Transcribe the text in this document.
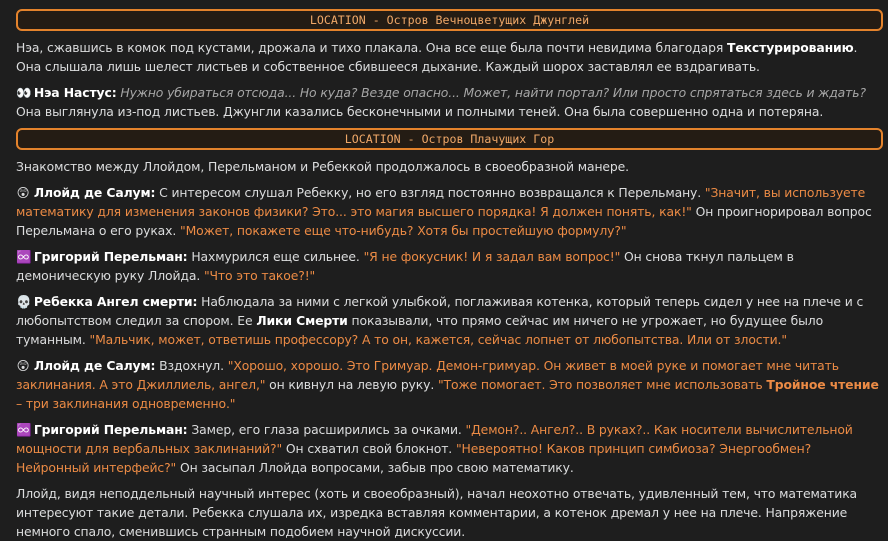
LOCATION - Остров Вечноцветущих Джунглей

Нэа, сжавшись в комок под кустами, дрожала и тихо плакала. Она все еще была почти невидима благодаря Текстурированию. Она слышала лишь шелест листьев и собственное сбившееся дыхание. Каждый шорох заставлял ее вздрагивать.

👀 Нэа Настус: Нужно убираться отсюда... Но куда? Везде опасно... Может, найти портал? Или просто спрятаться здесь и ждать? Она выглянула из-под листьев. Джунгли казались бесконечными и полными теней. Она была совершенно одна и потеряна.

LOCATION - Остров Плачущих Гор

Знакомство между Ллойдом, Перельманом и Ребеккой продолжалось в своеобразной манере.

😲 Ллойд де Салум: С интересом слушал Ребекку, но его взгляд постоянно возвращался к Перельману. "Значит, вы используете математику для изменения законов физики? Это... это магия высшего порядка! Я должен понять, как!" Он проигнорировал вопрос Перельмана о его руках. "Может, покажете еще что-нибудь? Хотя бы простейшую формулу?"

♾️ Григорий Перельман: Нахмурился еще сильнее. "Я не фокусник! И я задал вам вопрос!" Он снова ткнул пальцем в демоническую руку Ллойда. "Что это такое?!"

💀 Ребекка Ангел смерти: Наблюдала за ними с легкой улыбкой, поглаживая котенка, который теперь сидел у нее на плече и с любопытством следил за спором. Ее Лики Смерти показывали, что прямо сейчас им ничего не угрожает, но будущее было туманным. "Мальчик, может, ответишь профессору? А то он, кажется, сейчас лопнет от любопытства. Или от злости."

😲 Ллойд де Салум: Вздохнул. "Хорошо, хорошо. Это Гримуар. Демон-гримуар. Он живет в моей руке и помогает мне читать заклинания. А это Джиллиель, ангел," он кивнул на левую руку. "Тоже помогает. Это позволяет мне использовать Тройное чтение – три заклинания одновременно."

♾️ Григорий Перельман: Замер, его глаза расширились за очками. "Демон?.. Ангел?.. В руках?.. Как носители вычислительной мощности для вербальных заклинаний?" Он схватил свой блокнот. "Невероятно! Каков принцип симбиоза? Энергообмен? Нейронный интерфейс?" Он засыпал Ллойда вопросами, забыв про свою математику.

Ллойд, видя неподдельный научный интерес (хоть и своеобразный), начал неохотно отвечать, удивленный тем, что математика интересуют такие детали. Ребекка слушала их, изредка вставляя комментарии, а котенок дремал у нее на плече. Напряжение немного спало, сменившись странным подобием научной дискуссии.
